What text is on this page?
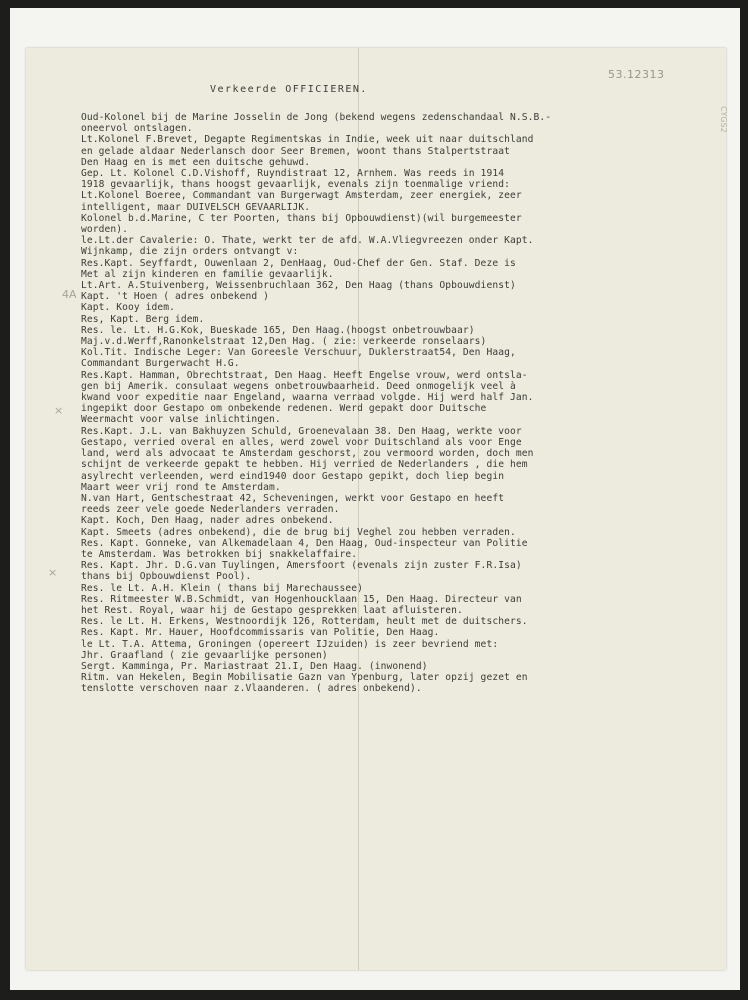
53.12313
CYGS2
Verkeerde OFFICIEREN.
4A
×
×
Oud-Kolonel bij de Marine Josselin de Jong (bekend wegens zedenschandaal N.S.B.-
oneervol ontslagen.
Lt.Kolonel F.Brevet, Degapte Regimentskas in Indie, week uit naar duitschland
en gelade aldaar Nederlansch door Seer Bremen, woont thans Stalpertstraat
Den Haag en is met een duitsche gehuwd.
Gep. Lt. Kolonel C.D.Vishoff, Ruyndistraat 12, Arnhem. Was reeds in 1914
1918 gevaarlijk, thans hoogst gevaarlijk, evenals zijn toenmalige vriend:
Lt.Kolonel Boeree, Commandant van Burgerwagt Amsterdam, zeer energiek, zeer
intelligent, maar DUIVELSCH GEVAARLIJK.
Kolonel b.d.Marine, C ter Poorten, thans bij Opbouwdienst)(wil burgemeester
worden).
le.Lt.der Cavalerie: O. Thate, werkt ter de afd. W.A.Vliegvreezen onder Kapt.
Wijnkamp, die zijn orders ontvangt v:
Res.Kapt. Seyffardt, Ouwenlaan 2, DenHaag, Oud-Chef der Gen. Staf. Deze is
Met al zijn kinderen en familie gevaarlijk.
Lt.Art. A.Stuivenberg, Weissenbruchlaan 362, Den Haag (thans Opbouwdienst)
Kapt. 't Hoen ( adres onbekend )
Kapt. Kooy idem.
Res, Kapt. Berg idem.
Res. le. Lt. H.G.Kok, Bueskade 165, Den Haag.(hoogst onbetrouwbaar)
Maj.v.d.Werff,Ranonkelstraat 12,Den Hag. ( zie: verkeerde ronselaars)
Kol.Tit. Indische Leger: Van Goreesle Verschuur, Duklerstraat54, Den Haag,
Commandant Burgerwacht H.G.
Res.Kapt. Hamman, Obrechtstraat, Den Haag. Heeft Engelse vrouw, werd ontsla-
gen bij Amerik. consulaat wegens onbetrouwbaarheid. Deed onmogelijk veel à
kwand voor expeditie naar Engeland, waarna verraad volgde. Hij werd half Jan.
ingepikt door Gestapo om onbekende redenen. Werd gepakt door Duitsche
Weermacht voor valse inlichtingen.
Res.Kapt. J.L. van Bakhuyzen Schuld, Groenevalaan 38. Den Haag, werkte voor
Gestapo, verried overal en alles, werd zowel voor Duitschland als voor Enge
land, werd als advocaat te Amsterdam geschorst, zou vermoord worden, doch men
schijnt de verkeerde gepakt te hebben. Hij verried de Nederlanders , die hem
asylrecht verleenden, werd eind1940 door Gestapo gepikt, doch liep begin
Maart weer vrij rond te Amsterdam.
N.van Hart, Gentschestraat 42, Scheveningen, werkt voor Gestapo en heeft
reeds zeer vele goede Nederlanders verraden.
Kapt. Koch, Den Haag, nader adres onbekend.
Kapt. Smeets (adres onbekend), die de brug bij Veghel zou hebben verraden.
Res. Kapt. Gonneke, van Alkemadelaan 4, Den Haag, Oud-inspecteur van Politie
te Amsterdam. Was betrokken bij snakkelaffaire.
Res. Kapt. Jhr. D.G.van Tuylingen, Amersfoort (evenals zijn zuster F.R.Isa)
thans bij Opbouwdienst Pool).
Res. le Lt. A.H. Klein ( thans bij Marechaussee)
Res. Ritmeester W.B.Schmidt, van Hogenhoucklaan 15, Den Haag. Directeur van
het Rest. Royal, waar hij de Gestapo gesprekken laat afluisteren.
Res. le Lt. H. Erkens, Westnoordijk 126, Rotterdam, heult met de duitschers.
Res. Kapt. Mr. Hauer, Hoofdcommissaris van Politie, Den Haag.
le Lt. T.A. Attema, Groningen (opereert IJzuiden) is zeer bevriend met:
Jhr. Graafland ( zie gevaarlijke personen)
Sergt. Kamminga, Pr. Mariastraat 21.I, Den Haag. (inwonend)
Ritm. van Hekelen, Begin Mobilisatie Gazn van Ypenburg, later opzij gezet en
tenslotte verschoven naar z.Vlaanderen. ( adres onbekend).
